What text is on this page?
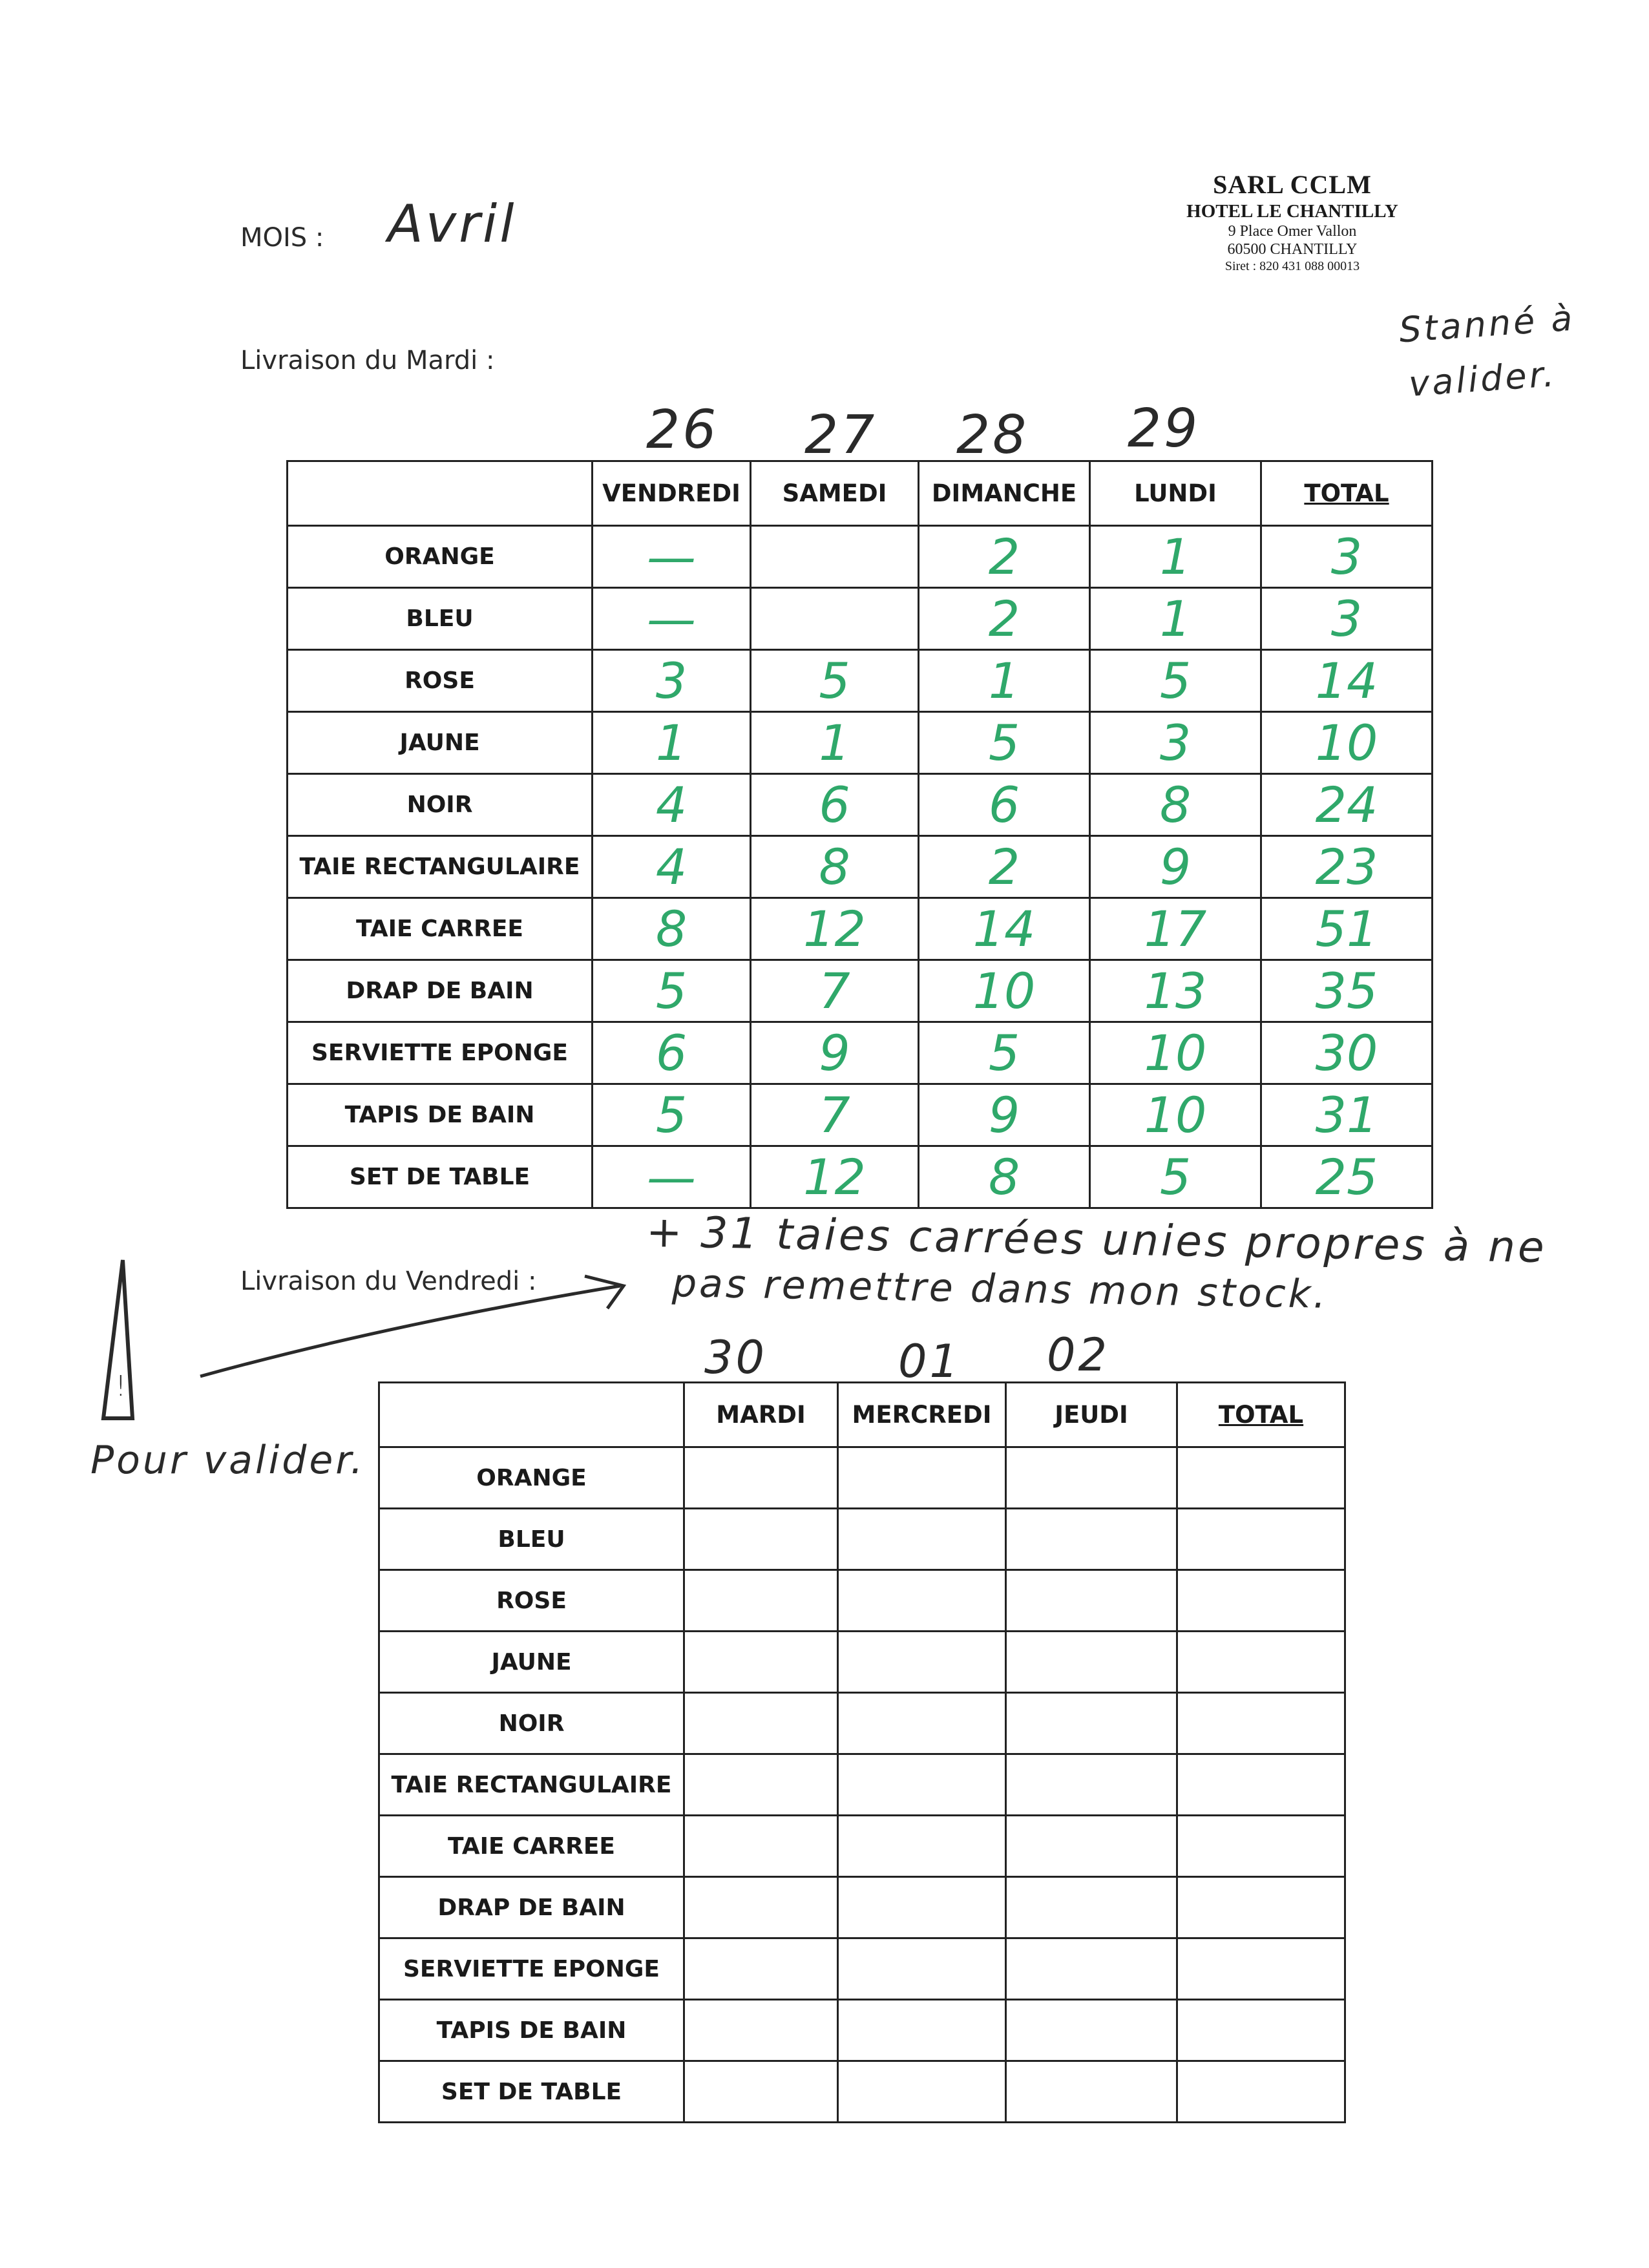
MOIS : Avril
SARL CCLM
HOTEL LE CHANTILLY
9 Place Omer Vallon
60500 CHANTILLY
Siret : 820 431 088 00013
Stanné à
valider.
Livraison du Mardi :
26 27 28 29
	VENDREDI	SAMEDI	DIMANCHE	LUNDI	TOTAL
ORANGE	—		2	1	3
BLEU	—		2	1	3
ROSE	3	5	1	5	14
JAUNE	1	1	5	3	10
NOIR	4	6	6	8	24
TAIE RECTANGULAIRE	4	8	2	9	23
TAIE CARREE	8	12	14	17	51
DRAP DE BAIN	5	7	10	13	35
SERVIETTE EPONGE	6	9	5	10	30
TAPIS DE BAIN	5	7	9	10	31
SET DE TABLE	—	12	8	5	25
+ 31 taies carrées unies propres à ne
pas remettre dans mon stock.
!
Pour valider.
Livraison du Vendredi :
30	01 02
	MARDI	MERCREDI	JEUDI	TOTAL
ORANGE				
BLEU				
ROSE				
JAUNE				
NOIR				
TAIE RECTANGULAIRE				
TAIE CARREE				
DRAP DE BAIN				
SERVIETTE EPONGE				
TAPIS DE BAIN				
SET DE TABLE				
